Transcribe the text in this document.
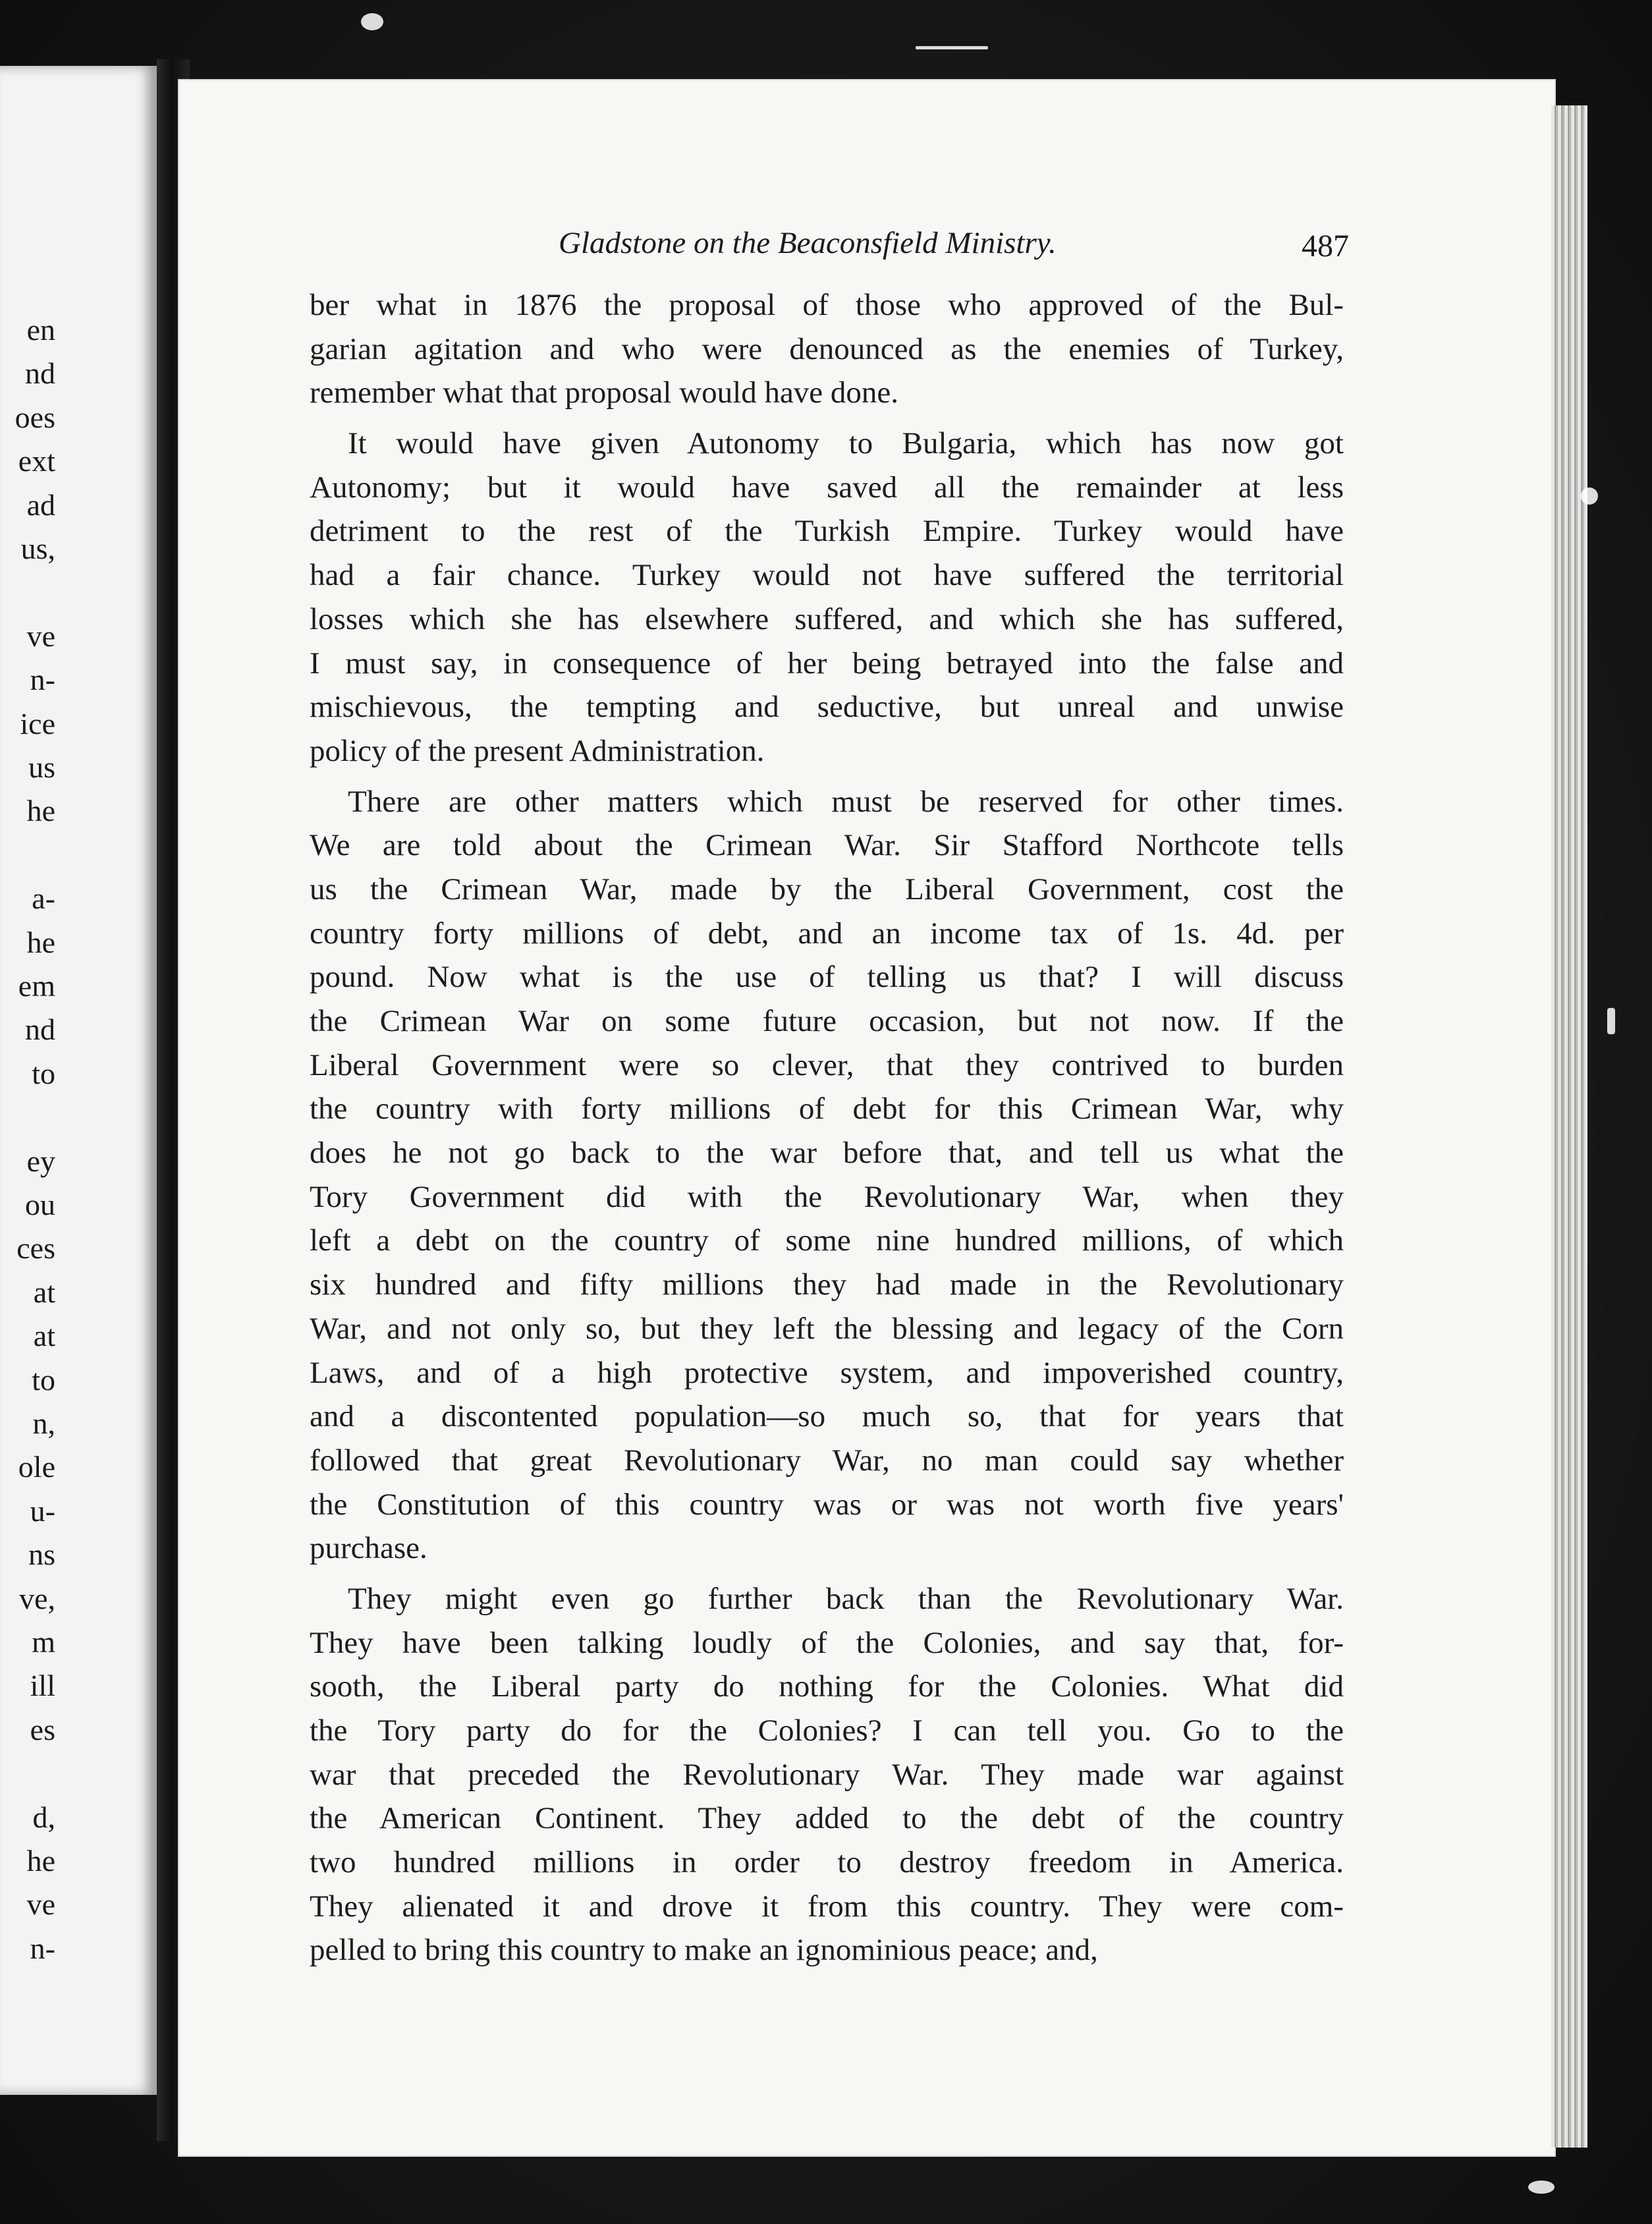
en
nd
oes
ext
ad
us,
ve
n-
ice
us
he
a-
he
em
nd
to
ey
ou
ces
at
at
to
n,
ole
u-
ns
ve,
m
ill
es
d,
he
ve
n-
Gladstone on the Beaconsfield Ministry.	487
ber what in 1876 the proposal of those who approved of the Bul-
garian agitation and who were denounced as the enemies of Turkey,
remember what that proposal would have done.
It would have given Autonomy to Bulgaria, which has now got
Autonomy; but it would have saved all the remainder at less
detriment to the rest of the Turkish Empire. Turkey would have
had a fair chance. Turkey would not have suffered the territorial
losses which she has elsewhere suffered, and which she has suffered,
I must say, in consequence of her being betrayed into the false and
mischievous, the tempting and seductive, but unreal and unwise
policy of the present Administration.
There are other matters which must be reserved for other times.
We are told about the Crimean War. Sir Stafford Northcote tells
us the Crimean War, made by the Liberal Government, cost the
country forty millions of debt, and an income tax of 1s. 4d. per
pound. Now what is the use of telling us that? I will discuss
the Crimean War on some future occasion, but not now. If the
Liberal Government were so clever, that they contrived to burden
the country with forty millions of debt for this Crimean War, why
does he not go back to the war before that, and tell us what the
Tory Government did with the Revolutionary War, when they
left a debt on the country of some nine hundred millions, of which
six hundred and fifty millions they had made in the Revolutionary
War, and not only so, but they left the blessing and legacy of the Corn
Laws, and of a high protective system, and impoverished country,
and a discontented population—so much so, that for years that
followed that great Revolutionary War, no man could say whether
the Constitution of this country was or was not worth five years'
purchase.
They might even go further back than the Revolutionary War.
They have been talking loudly of the Colonies, and say that, for-
sooth, the Liberal party do nothing for the Colonies. What did
the Tory party do for the Colonies? I can tell you. Go to the
war that preceded the Revolutionary War. They made war against
the American Continent. They added to the debt of the country
two hundred millions in order to destroy freedom in America.
They alienated it and drove it from this country. They were com-
pelled to bring this country to make an ignominious peace; and,
